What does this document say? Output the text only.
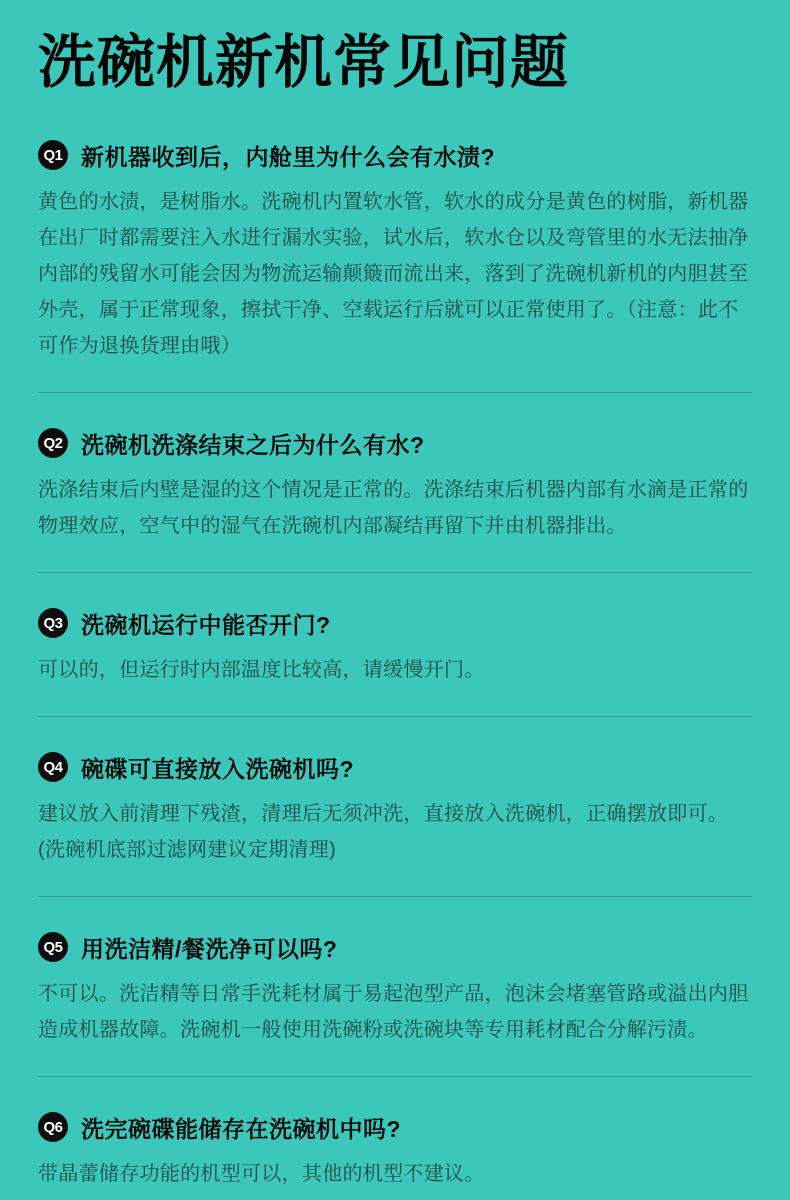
洗碗机新机常见问题
Q1 新机器收到后，内舱里为什么会有水渍?

黄色的水渍，是树脂水。洗碗机内置软水管，软水的成分是黄色的树脂，新机器在出厂时都需要注入水进行漏水实验，试水后，软水仓以及弯管里的水无法抽净内部的残留水可能会因为物流运输颠簸而流出来，落到了洗碗机新机的内胆甚至外壳，属于正常现象，擦拭干净、空载运行后就可以正常使用了。（注意：此不可作为退换货理由哦）

Q2 洗碗机洗涤结束之后为什么有水?

洗涤结束后内壁是湿的这个情况是正常的。洗涤结束后机器内部有水滴是正常的物理效应，空气中的湿气在洗碗机内部凝结再留下并由机器排出。

Q3 洗碗机运行中能否开门?

可以的，但运行时内部温度比较高，请缓慢开门。

Q4 碗碟可直接放入洗碗机吗?

建议放入前清理下残渣，清理后无须冲洗，直接放入洗碗机，正确摆放即可。(洗碗机底部过滤网建议定期清理)

Q5 用洗洁精/餐洗净可以吗?

不可以。洗洁精等日常手洗耗材属于易起泡型产品，泡沫会堵塞管路或溢出内胆造成机器故障。洗碗机一般使用洗碗粉或洗碗块等专用耗材配合分解污渍。

Q6 洗完碗碟能储存在洗碗机中吗?

带晶蕾储存功能的机型可以，其他的机型不建议。
